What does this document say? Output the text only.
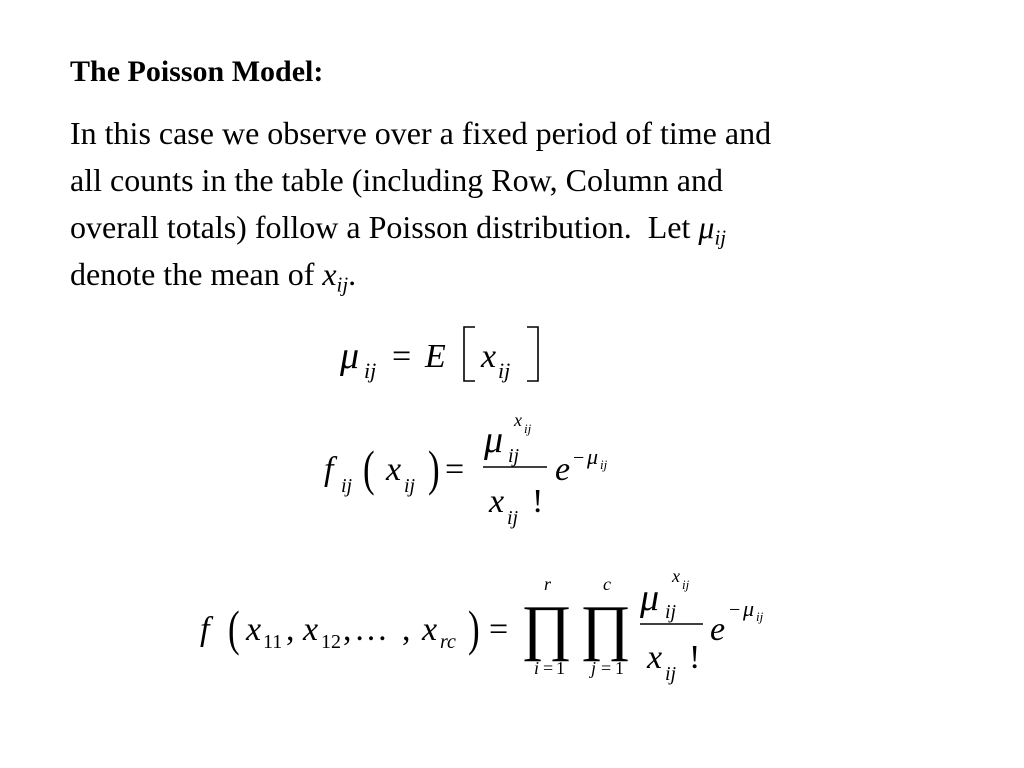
The Poisson Model:
In this case we observe over a fixed period of time and
all counts in the table (including Row, Column and
overall totals) follow a Poisson distribution.  Let $\mu_{ij}$
denote the mean of $x_{ij}$.
μ ij = E x ij
f ij ( x ij ) =
μ ij
x ij
x ij !
e − μ ij
f ( x 11 , x 12 , … , x rc ) =
r
∏
i = 1
c
∏
j = 1
μ ij
x ij
x ij !
e
− μ ij
